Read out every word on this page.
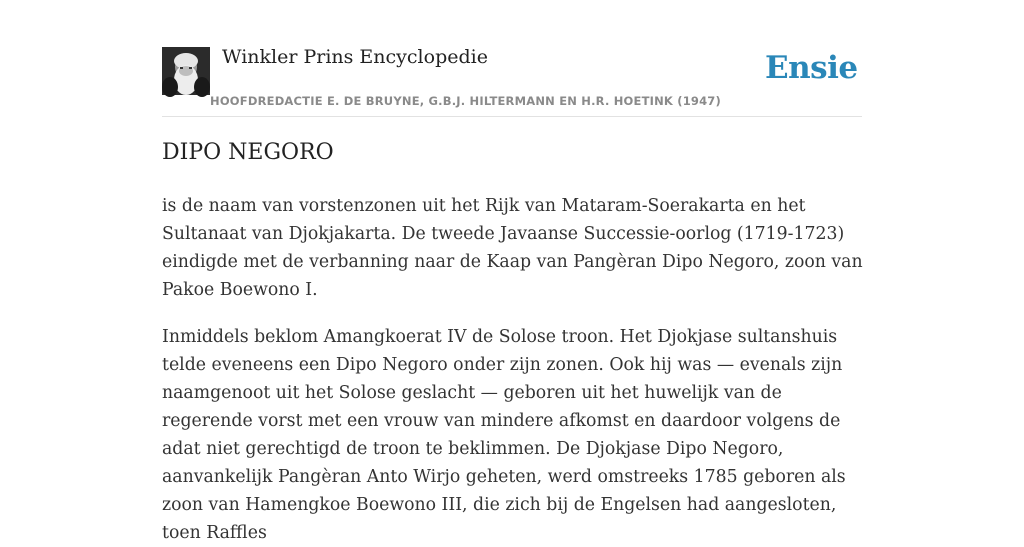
Winkler Prins Encyclopedie
HOOFDREDACTIE E. DE BRUYNE, G.B.J. HILTERMANN EN H.R. HOETINK (1947)
Ensie
DIPO NEGORO

is de naam van vorstenzonen uit het Rijk van Mataram-Soerakarta en het Sultanaat van Djokjakarta. De tweede Javaanse Successie-oorlog (1719-1723) eindigde met de verbanning naar de Kaap van Pangèran Dipo Negoro, zoon van Pakoe Boewono I.

Inmiddels beklom Amangkoerat IV de Solose troon. Het Djokjase sultanshuis telde eveneens een Dipo Negoro onder zijn zonen. Ook hij was — evenals zijn naamgenoot uit het Solose geslacht — geboren uit het huwelijk van de regerende vorst met een vrouw van mindere afkomst en daardoor volgens de adat niet gerechtigd de troon te beklimmen. De Djokjase Dipo Negoro, aanvankelijk Pangèran Anto Wirjo geheten, werd omstreeks 1785 geboren als zoon van Hamengkoe Boewono III, die zich bij de Engelsen had aangesloten, toen Raffles
